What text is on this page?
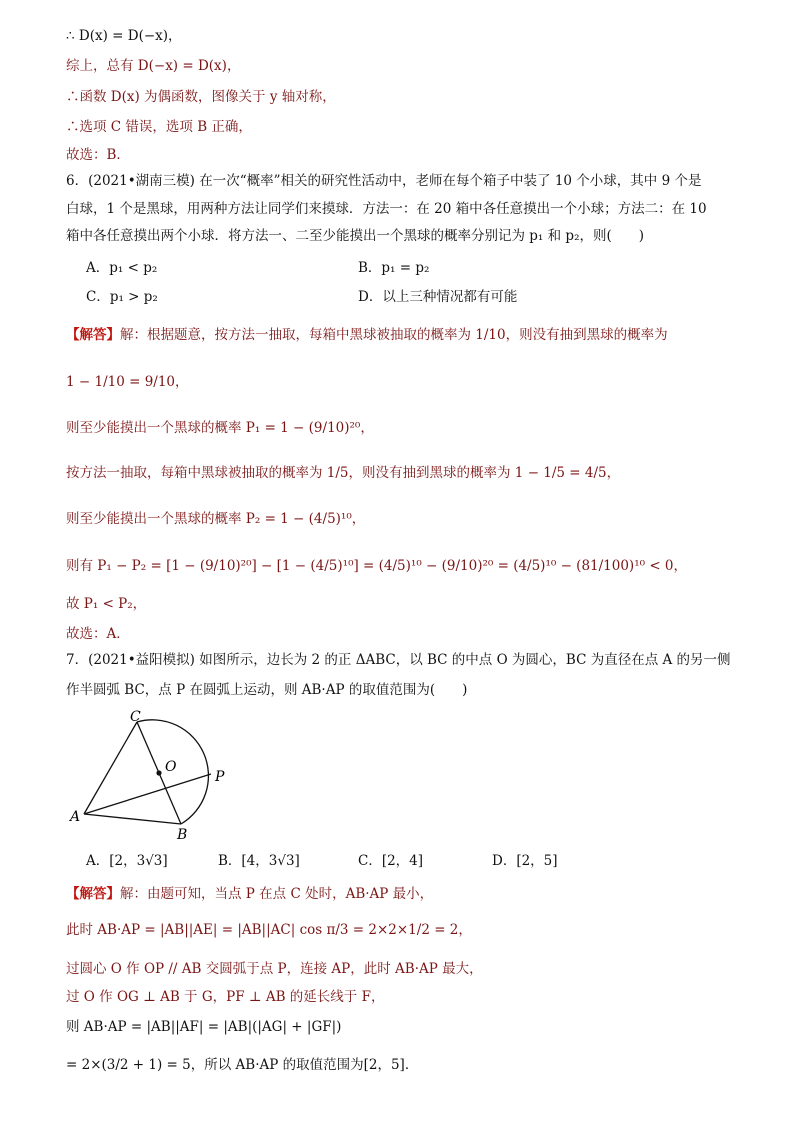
∴ D(x) = D(−x)，
综上，总有 D(−x) = D(x)，
∴函数 D(x) 为偶函数，图像关于 y 轴对称，
∴选项 C 错误，选项 B 正确，
故选：B．
6．(2021•湖南三模) 在一次“概率”相关的研究性活动中，老师在每个箱子中装了 10 个小球，其中 9 个是
白球，1 个是黑球，用两种方法让同学们来摸球．方法一：在 20 箱中各任意摸出一个小球；方法二：在 10
箱中各任意摸出两个小球．将方法一、二至少能摸出一个黑球的概率分别记为 p₁ 和 p₂，则(　　)
A．p₁ < p₂	B．p₁ = p₂
C．p₁ > p₂	D．以上三种情况都有可能
【解答】解：根据题意，按方法一抽取，每箱中黑球被抽取的概率为 1/10，则没有抽到黑球的概率为
1 − 1/10 = 9/10，
则至少能摸出一个黑球的概率 P₁ = 1 − (9/10)²⁰，
按方法一抽取，每箱中黑球被抽取的概率为 1/5，则没有抽到黑球的概率为 1 − 1/5 = 4/5，
则至少能摸出一个黑球的概率 P₂ = 1 − (4/5)¹⁰，
则有 P₁ − P₂ = [1 − (9/10)²⁰] − [1 − (4/5)¹⁰] = (4/5)¹⁰ − (9/10)²⁰ = (4/5)¹⁰ − (81/100)¹⁰ < 0，
故 P₁ < P₂，
故选：A．
7．(2021•益阳模拟) 如图所示，边长为 2 的正 ΔABC，以 BC 的中点 O 为圆心，BC 为直径在点 A 的另一侧
作半圆弧 BC，点 P 在圆弧上运动，则 AB·AP 的取值范围为(　　)
C
O
P
A
B
A．[2，3√3]	B．[4，3√3]	C．[2，4]	D．[2，5]
【解答】解：由题可知，当点 P 在点 C 处时，AB·AP 最小，
此时 AB·AP = |AB||AE| = |AB||AC| cos π/3 = 2×2×1/2 = 2，
过圆心 O 作 OP // AB 交圆弧于点 P，连接 AP，此时 AB·AP 最大，
过 O 作 OG ⊥ AB 于 G，PF ⊥ AB 的延长线于 F，
则 AB·AP = |AB||AF| = |AB|(|AG| + |GF|)
= 2×(3/2 + 1) = 5，所以 AB·AP 的取值范围为[2，5]．
